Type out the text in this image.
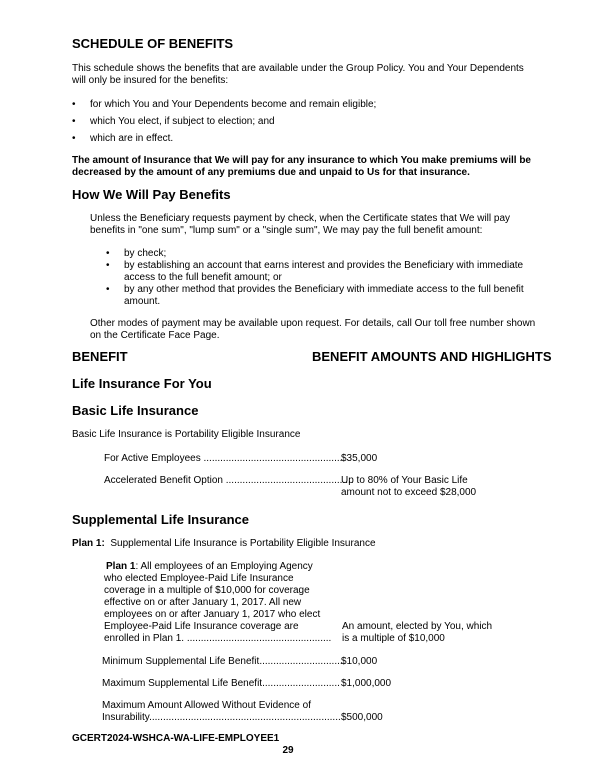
SCHEDULE OF BENEFITS
This schedule shows the benefits that are available under the Group Policy. You and Your Dependents
will only be insured for the benefits:
• for which You and Your Dependents become and remain eligible;
• which You elect, if subject to election; and
• which are in effect.
The amount of Insurance that We will pay for any insurance to which You make premiums will be
decreased by the amount of any premiums due and unpaid to Us for that insurance.
How We Will Pay Benefits
Unless the Beneficiary requests payment by check, when the Certificate states that We will pay
benefits in "one sum", "lump sum" or a "single sum", We may pay the full benefit amount:
• by check;
• by establishing an account that earns interest and provides the Beneficiary with immediate
access to the full benefit amount; or
• by any other method that provides the Beneficiary with immediate access to the full benefit
amount.
Other modes of payment may be available upon request. For details, call Our toll free number shown
on the Certificate Face Page.
BENEFIT	BENEFIT AMOUNTS AND HIGHLIGHTS
Life Insurance For You
Basic Life Insurance
Basic Life Insurance is Portability Eligible Insurance
For Active Employees ..................................................
$35,000
Accelerated Benefit Option ..............................................
Up to 80% of Your Basic Life
amount not to exceed $28,000
Supplemental Life Insurance
Plan 1: Supplemental Life Insurance is Portability Eligible Insurance
Plan 1: All employees of an Employing Agency
who elected Employee-Paid Life Insurance
coverage in a multiple of $10,000 for coverage
effective on or after January 1, 2017. All new
employees on or after January 1, 2017 who elect
Employee-Paid Life Insurance coverage are
enrolled in Plan 1. ....................................................
An amount, elected by You, which
is a multiple of $10,000
Minimum Supplemental Life Benefit...............................
$10,000
Maximum Supplemental Life Benefit............................ $1,000,000
Maximum Amount Allowed Without Evidence of
Insurability..................................................................... $500,000
GCERT2024-WSHCA-WA-LIFE-EMPLOYEE1
29
